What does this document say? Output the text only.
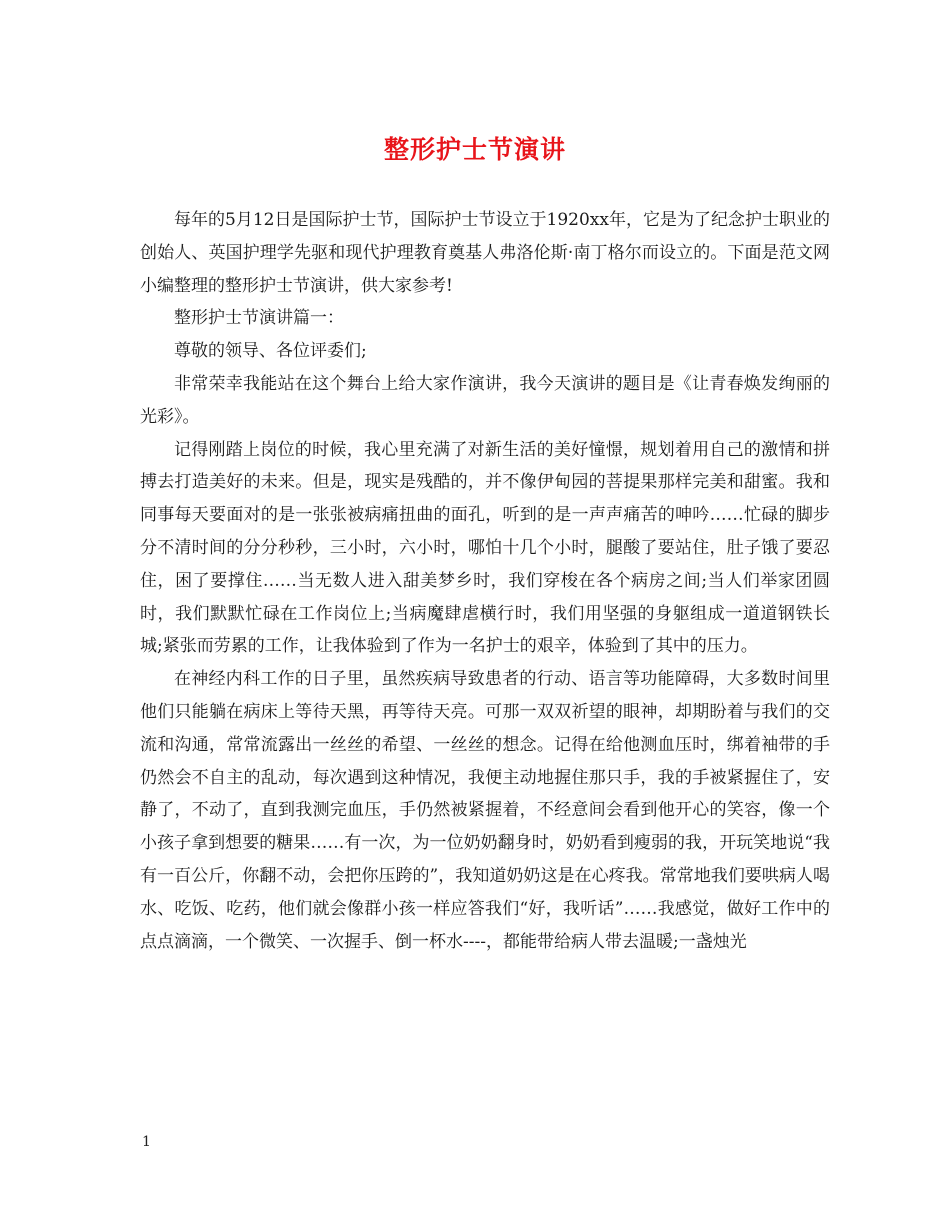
整形护士节演讲

每年的5月12日是国际护士节，国际护士节设立于1920xx年，它是为了纪念护士职业的创始人、英国护理学先驱和现代护理教育奠基人弗洛伦斯·南丁格尔而设立的。下面是范文网小编整理的整形护士节演讲，供大家参考!

整形护士节演讲篇一：

尊敬的领导、各位评委们;

非常荣幸我能站在这个舞台上给大家作演讲，我今天演讲的题目是《让青春焕发绚丽的光彩》。

记得刚踏上岗位的时候，我心里充满了对新生活的美好憧憬，规划着用自己的激情和拼搏去打造美好的未来。但是，现实是残酷的，并不像伊甸园的菩提果那样完美和甜蜜。我和同事每天要面对的是一张张被病痛扭曲的面孔，听到的是一声声痛苦的呻吟……忙碌的脚步分不清时间的分分秒秒，三小时，六小时，哪怕十几个小时，腿酸了要站住，肚子饿了要忍住，困了要撑住……当无数人进入甜美梦乡时，我们穿梭在各个病房之间;当人们举家团圆时，我们默默忙碌在工作岗位上;当病魔肆虐横行时，我们用坚强的身躯组成一道道钢铁长城;紧张而劳累的工作，让我体验到了作为一名护士的艰辛，体验到了其中的压力。

在神经内科工作的日子里，虽然疾病导致患者的行动、语言等功能障碍，大多数时间里他们只能躺在病床上等待天黑，再等待天亮。可那一双双祈望的眼神，却期盼着与我们的交流和沟通，常常流露出一丝丝的希望、一丝丝的想念。记得在给他测血压时，绑着袖带的手仍然会不自主的乱动，每次遇到这种情况，我便主动地握住那只手，我的手被紧握住了，安静了，不动了，直到我测完血压，手仍然被紧握着，不经意间会看到他开心的笑容，像一个小孩子拿到想要的糖果……有一次，为一位奶奶翻身时，奶奶看到瘦弱的我，开玩笑地说“我有一百公斤，你翻不动，会把你压跨的”，我知道奶奶这是在心疼我。常常地我们要哄病人喝水、吃饭、吃药，他们就会像群小孩一样应答我们“好，我听话”……我感觉，做好工作中的点点滴滴，一个微笑、一次握手、倒一杯水----，都能带给病人带去温暖;一盏烛光

1
